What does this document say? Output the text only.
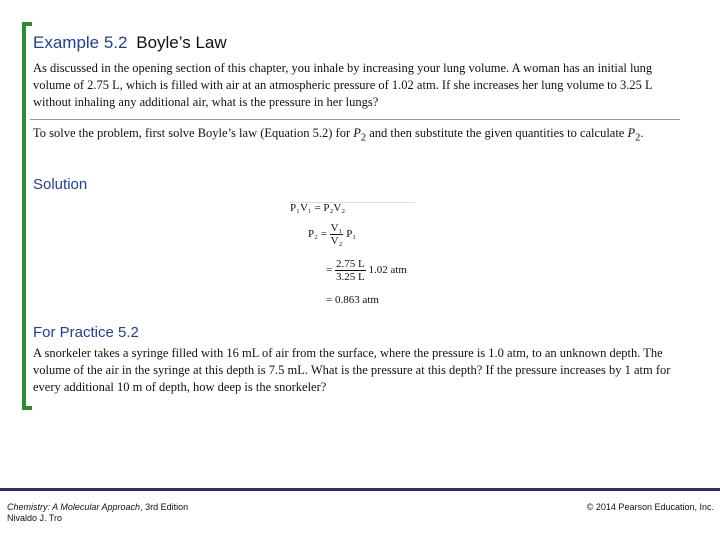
Example 5.2 Boyle’s Law
As discussed in the opening section of this chapter, you inhale by increasing your lung volume. A woman has an initial lung volume of 2.75 L, which is filled with air at an atmospheric pressure of 1.02 atm. If she increases her lung volume to 3.25 L without inhaling any additional air, what is the pressure in her lungs?
To solve the problem, first solve Boyle’s law (Equation 5.2) for $P_2$ and then substitute the given quantities to calculate $P_2$.
Solution
P₁V₁ = P₂V₂
$P_2 = \frac{\text{V₁}}{\text{V₂}} P_1$
= $\frac{2.75 L}{3.25 L} 1.02$ atm
= 0.863 atm
For Practice 5.2
A snorkeler takes a syringe filled with 16 mL of air from the surface, where the pressure is 1.0 atm, to an unknown depth. The volume of the air in the syringe at this depth is 7.5 mL. What is the pressure at this depth? If the pressure increases by 1 atm for every additional 10 m of depth, how deep is the snorkeler?
Chemistry: A Molecular Approach, 3rd Edition
Nivaldo J. Tro
© 2014 Pearson Education, Inc.
